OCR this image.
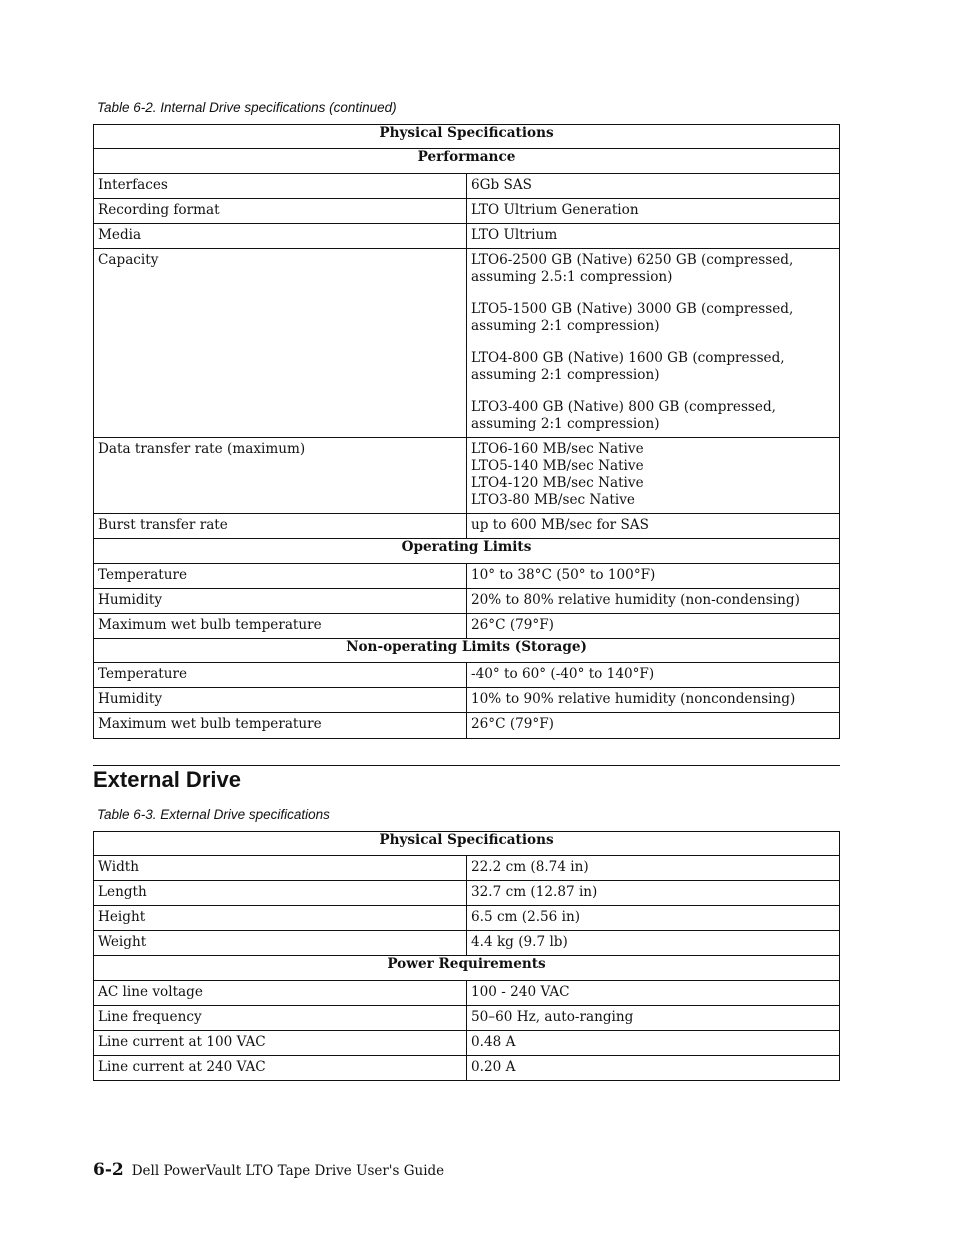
Table 6-2. Internal Drive specifications (continued)
Physical Specifications	
Performance	
Interfaces	6Gb SAS
Recording format	LTO Ultrium Generation
Media	LTO Ultrium
Capacity	LTO6-2500 GB (Native) 6250 GB (compressed, assuming 2.5:1 compression)

LTO5-1500 GB (Native) 3000 GB (compressed, assuming 2:1 compression)

LTO4-800 GB (Native) 1600 GB (compressed, assuming 2:1 compression)

LTO3-400 GB (Native) 800 GB (compressed, assuming 2:1 compression)

Data transfer rate (maximum)	LTO6-160 MB/sec Native
LTO5-140 MB/sec Native
LTO4-120 MB/sec Native
LTO3-80 MB/sec Native

Burst transfer rate	up to 600 MB/sec for SAS
Operating Limits	
Temperature	10° to 38°C (50° to 100°F)
Humidity	20% to 80% relative humidity (non-condensing)
Maximum wet bulb temperature	26°C (79°F)
Non-operating Limits (Storage)	
Temperature	-40° to 60° (-40° to 140°F)
Humidity	10% to 90% relative humidity (noncondensing)
Maximum wet bulb temperature	26°C (79°F)
External Drive
Table 6-3. External Drive specifications
Physical Specifications	
Width	22.2 cm (8.74 in)
Length	32.7 cm (12.87 in)
Height	6.5 cm (2.56 in)
Weight	4.4 kg (9.7 lb)
Power Requirements	
AC line voltage	100 - 240 VAC
Line frequency	50–60 Hz, auto-ranging
Line current at 100 VAC	0.48 A
Line current at 240 VAC	0.20 A
6-2 Dell PowerVault LTO Tape Drive User's Guide
